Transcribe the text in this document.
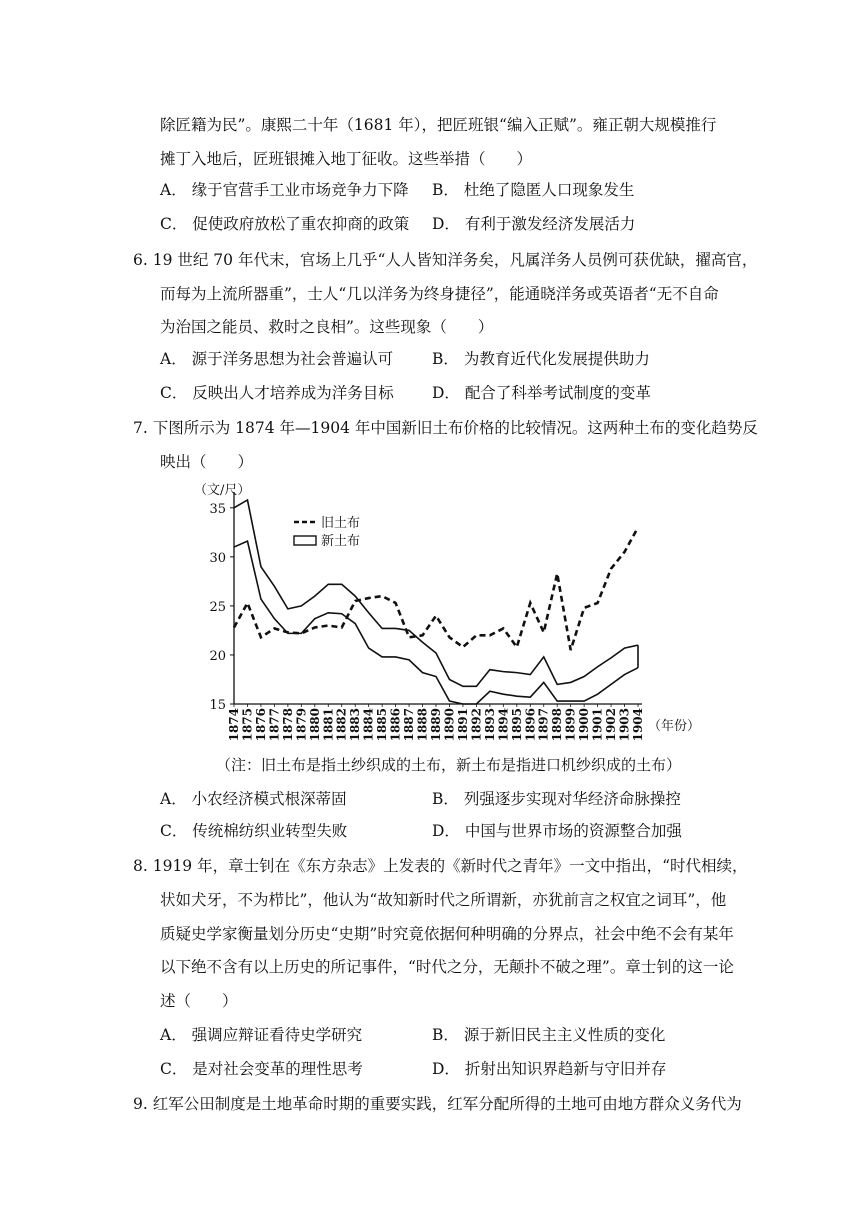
除匠籍为民”。康熙二十年（1681 年），把匠班银“编入正赋”。雍正朝大规模推行
摊丁入地后，匠班银摊入地丁征收。这些举措（　　）
A． 缘于官营手工业市场竞争力下降 B． 杜绝了隐匿人口现象发生
C． 促使政府放松了重农抑商的政策 D． 有利于激发经济发展活力
6. 19 世纪 70 年代末，官场上几乎“人人皆知洋务矣，凡属洋务人员例可获优缺，擢高官，
而每为上流所器重”，士人“几以洋务为终身捷径”，能通晓洋务或英语者“无不自命
为治国之能员、救时之良相”。这些现象（　　）
A． 源于洋务思想为社会普遍认可	B． 为教育近代化发展提供助力
C． 反映出人才培养成为洋务目标 D． 配合了科举考试制度的变革
7. 下图所示为 1874 年—1904 年中国新旧土布价格的比较情况。这两种土布的变化趋势反
映出（　　）
（文/尺）
（年份）
15
20
25
30
35
1874 1875 1876 1877 1878 1879 1880 1881 1882 1883 1884 1885 1886 1887 1888 1889 1890 1891 1892 1893 1894 1895 1896 1897 1898 1899 1900 1901 1902 1903 1904
旧土布
新土布
（注：旧土布是指土纱织成的土布，新土布是指进口机纱织成的土布）
A． 小农经济模式根深蒂固	B． 列强逐步实现对华经济命脉操控
C． 传统棉纺织业转型失败	D． 中国与世界市场的资源整合加强
8. 1919 年，章士钊在《东方杂志》上发表的《新时代之青年》一文中指出，“时代相续，
状如犬牙，不为栉比”，他认为“故知新时代之所谓新，亦犹前言之权宜之词耳”，他
质疑史学家衡量划分历史“史期”时究竟依据何种明确的分界点，社会中绝不会有某年
以下绝不含有以上历史的所记事件，“时代之分，无颠扑不破之理”。章士钊的这一论
述（　　）
A． 强调应辩证看待史学研究	B． 源于新旧民主主义性质的变化
C． 是对社会变革的理性思考	D． 折射出知识界趋新与守旧并存
9. 红军公田制度是土地革命时期的重要实践，红军分配所得的土地可由地方群众义务代为
